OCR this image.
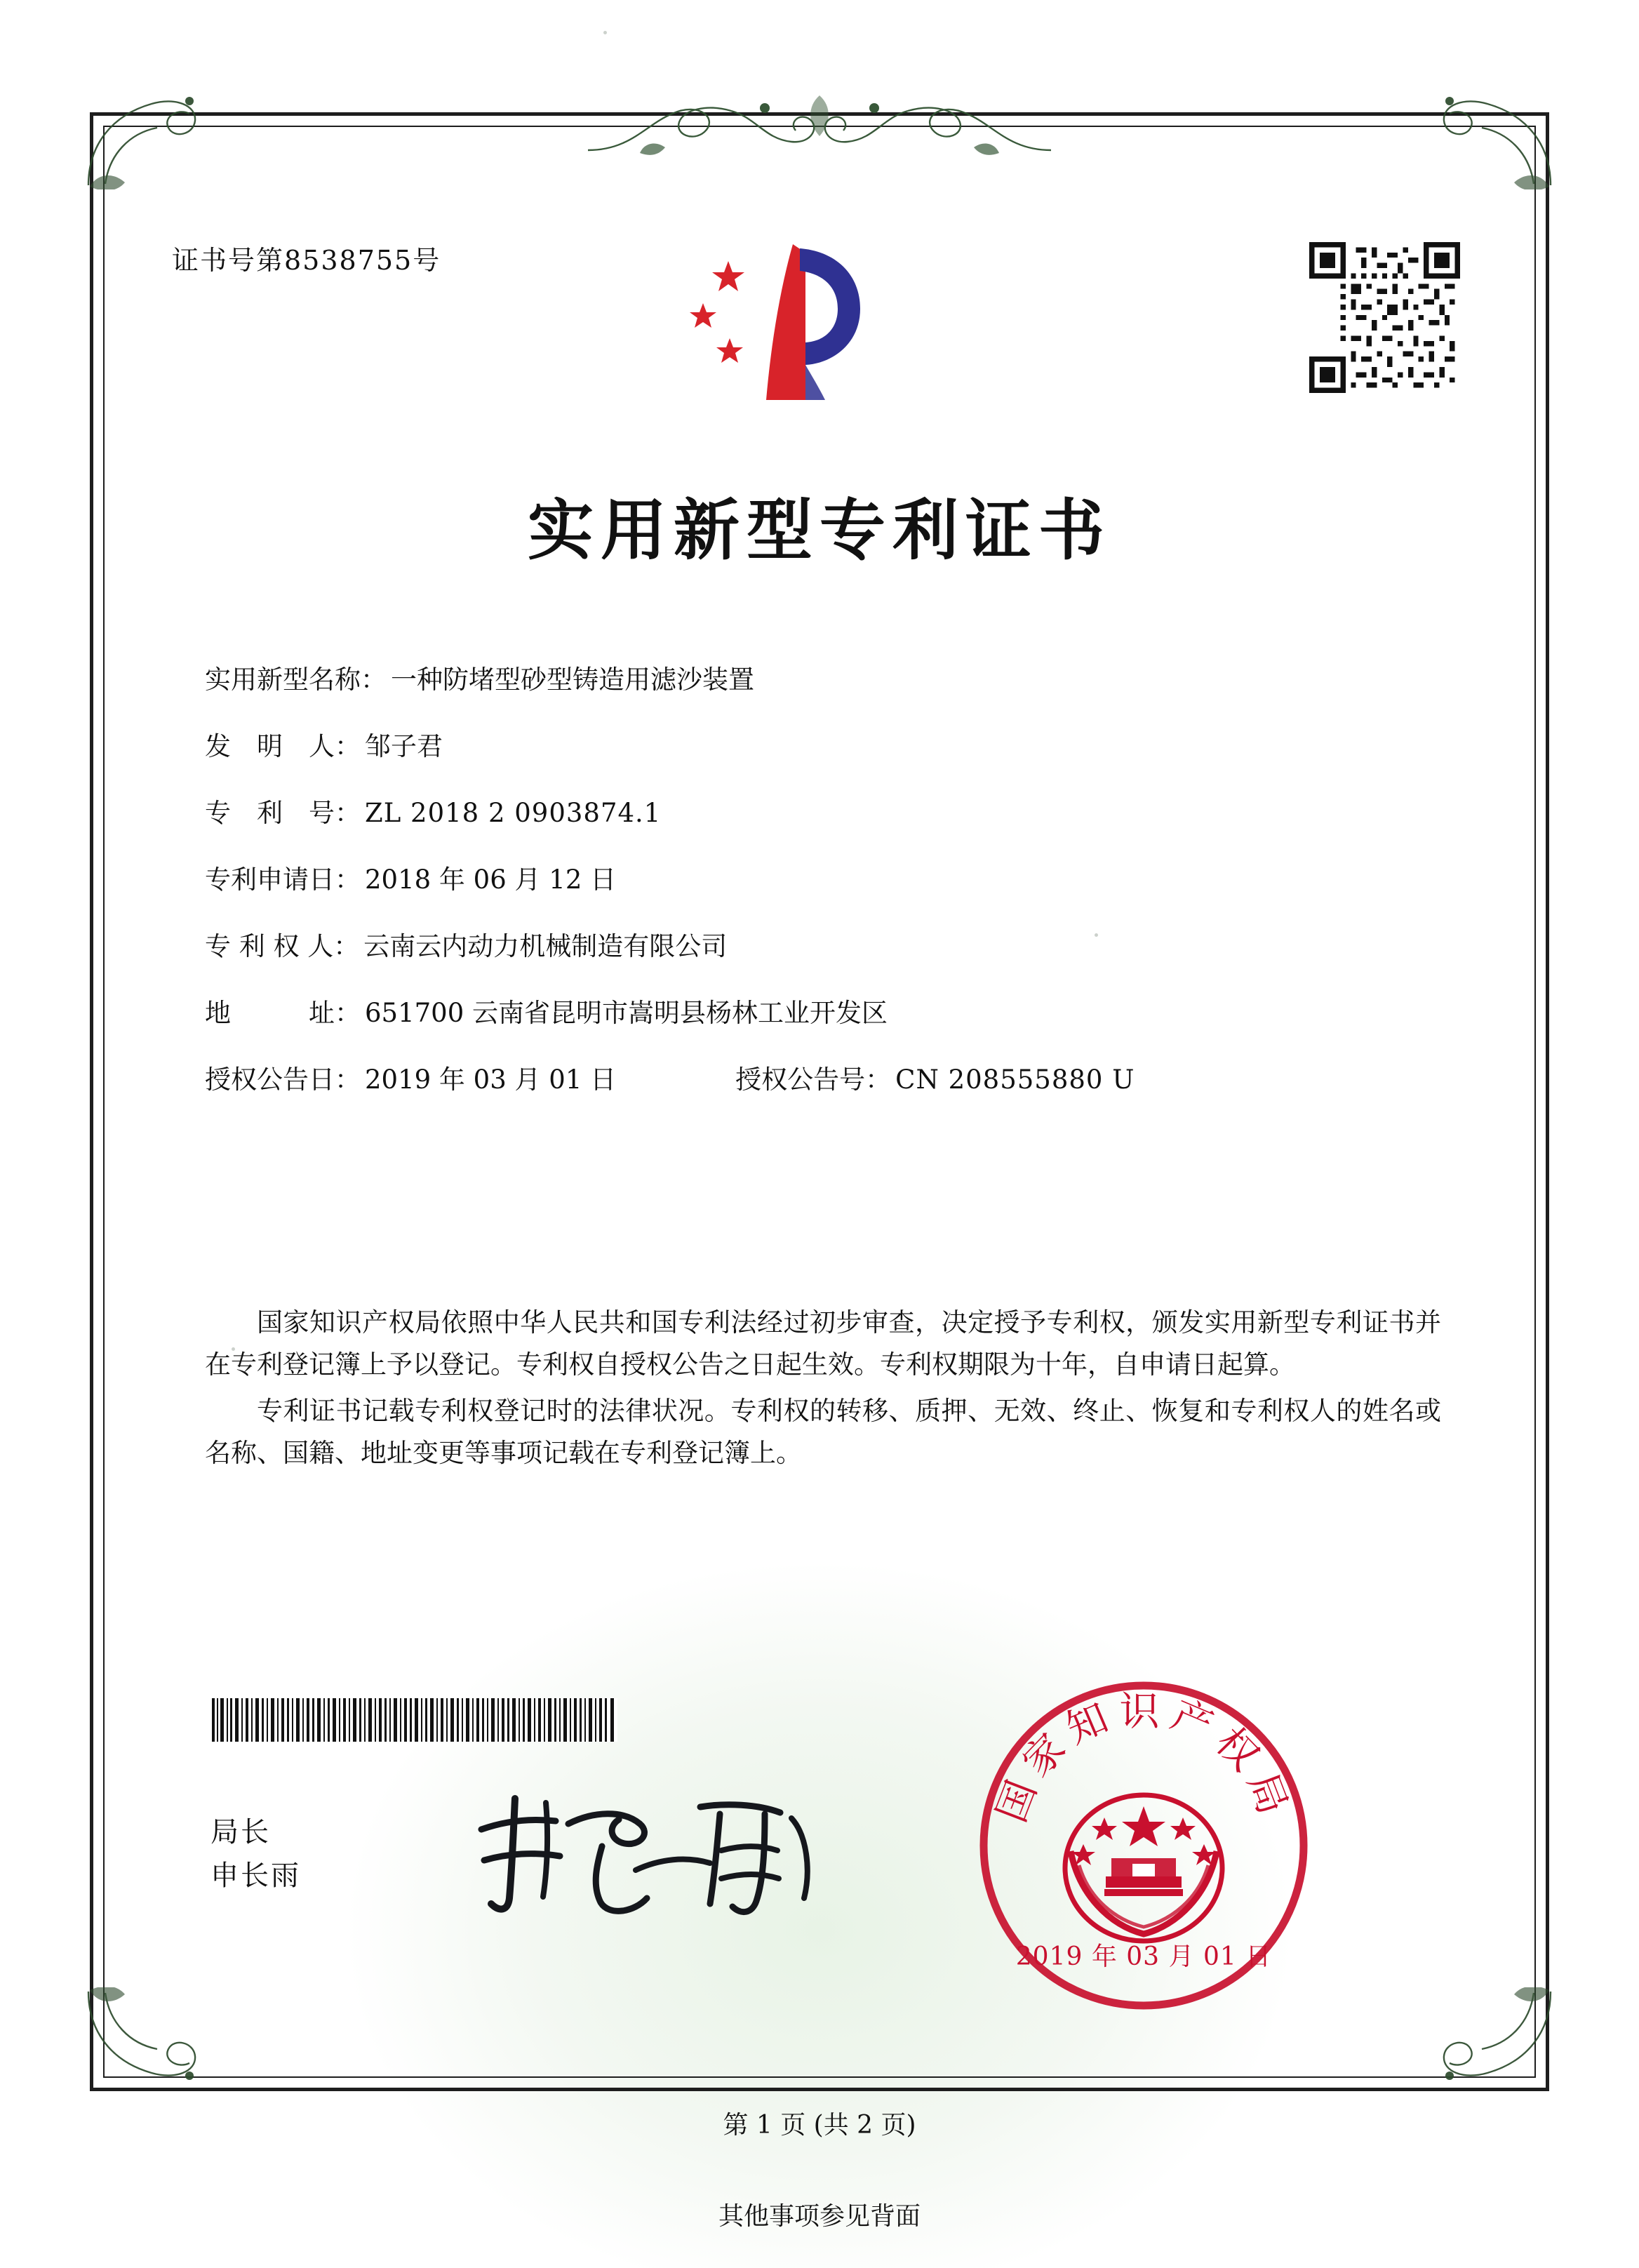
证书号第8538755号
实用新型专利证书
实用新型名称： 一种防堵型砂型铸造用滤沙装置
发　明　人： 邹子君
专　利　号： ZL 2018 2 0903874.1
专利申请日： 2018 年 06 月 12 日
专 利 权 人： 云南云内动力机械制造有限公司
地　　　址： 651700 云南省昆明市嵩明县杨林工业开发区
授权公告日： 2019 年 03 月 01 日	授权公告号： CN 208555880 U

国家知识产权局依照中华人民共和国专利法经过初步审查，决定授予专利权，颁发实用新型专利证书并在专利登记簿上予以登记。专利权自授权公告之日起生效。专利权期限为十年，自申请日起算。

专利证书记载专利权登记时的法律状况。专利权的转移、质押、无效、终止、恢复和专利权人的姓名或名称、国籍、地址变更等事项记载在专利登记簿上。

局长
申长雨
国家知识产权局
2019 年 03 月 01 日
第 1 页 (共 2 页)
其他事项参见背面
